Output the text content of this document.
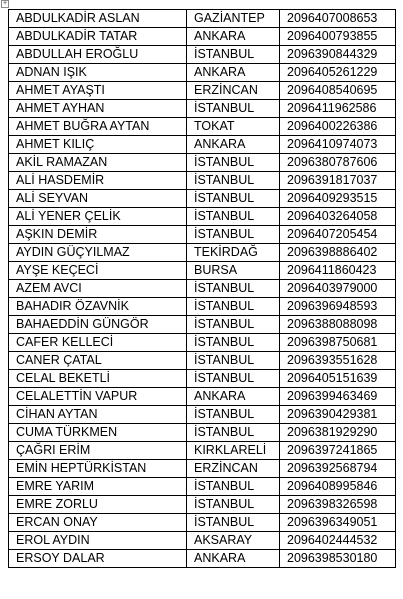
+
ABDULKADİR ASLAN	GAZİANTEP	2096407008653
ABDULKADİR TATAR	ANKARA	2096400793855
ABDULLAH EROĞLU	İSTANBUL	2096390844329
ADNAN IŞIK	ANKARA	2096405261229
AHMET AYAŞTI	ERZİNCAN	2096408540695
AHMET AYHAN	İSTANBUL	2096411962586
AHMET BUĞRA AYTAN	TOKAT	2096400226386
AHMET KILIÇ	ANKARA	2096410974073
AKİL RAMAZAN	İSTANBUL	2096380787606
ALİ HASDEMİR	İSTANBUL	2096391817037
ALİ SEYVAN	İSTANBUL	2096409293515
ALİ YENER ÇELİK	İSTANBUL	2096403264058
AŞKIN DEMİR	İSTANBUL	2096407205454
AYDIN GÜÇYILMAZ	TEKİRDAĞ	2096398886402
AYŞE KEÇECİ	BURSA	2096411860423
AZEM AVCI	İSTANBUL	2096403979000
BAHADIR ÖZAVNİK	İSTANBUL	2096396948593
BAHAEDDİN GÜNGÖR	İSTANBUL	2096388088098
CAFER KELLECİ	İSTANBUL	2096398750681
CANER ÇATAL	İSTANBUL	2096393551628
CELAL BEKETLİ	İSTANBUL	2096405151639
CELALETTİN VAPUR	ANKARA	2096399463469
CİHAN AYTAN	İSTANBUL	2096390429381
CUMA TÜRKMEN	İSTANBUL	2096381929290
ÇAĞRI ERİM	KIRKLARELİ	2096397241865
EMİN HEPTÜRKİSTAN	ERZİNCAN	2096392568794
EMRE YARIM	İSTANBUL	2096408995846
EMRE ZORLU	İSTANBUL	2096398326598
ERCAN ONAY	İSTANBUL	2096396349051
EROL AYDIN	AKSARAY	2096402444532
ERSOY DALAR	ANKARA	2096398530180
